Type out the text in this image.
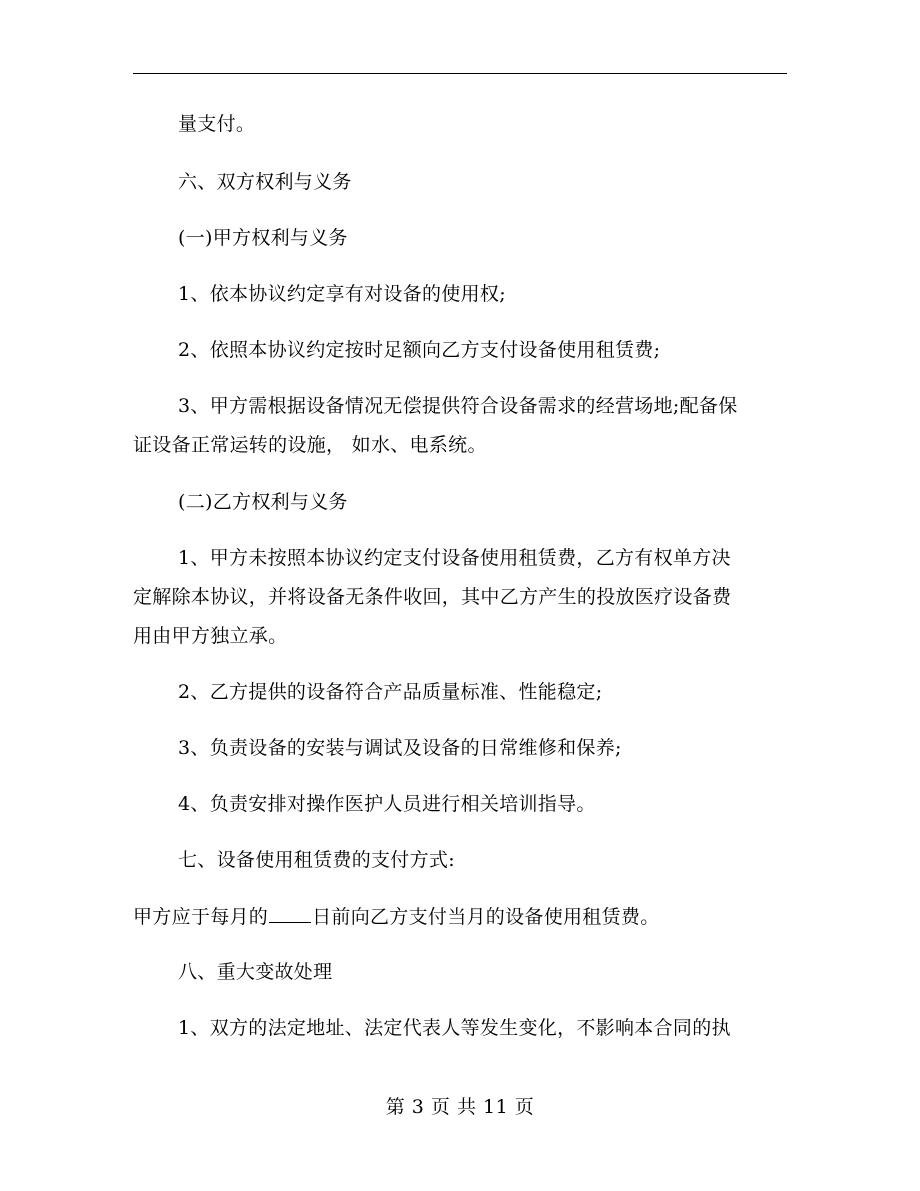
量支付。
六、双方权利与义务
(一)甲方权利与义务
1、依本协议约定享有对设备的使用权;
2、依照本协议约定按时足额向乙方支付设备使用租赁费;
3、甲方需根据设备情况无偿提供符合设备需求的经营场地;配备保
证设备正常运转的设施， 如水、电系统。
(二)乙方权利与义务
1、甲方未按照本协议约定支付设备使用租赁费，乙方有权单方决
定解除本协议，并将设备无条件收回，其中乙方产生的投放医疗设备费
用由甲方独立承。
2、乙方提供的设备符合产品质量标准、性能稳定;
3、负责设备的安装与调试及设备的日常维修和保养;
4、负责安排对操作医护人员进行相关培训指导。
七、设备使用租赁费的支付方式:
甲方应于每月的 日前向乙方支付当月的设备使用租赁费。
八、重大变故处理
1、双方的法定地址、法定代表人等发生变化，不影响本合同的执
第 3 页 共 11 页
